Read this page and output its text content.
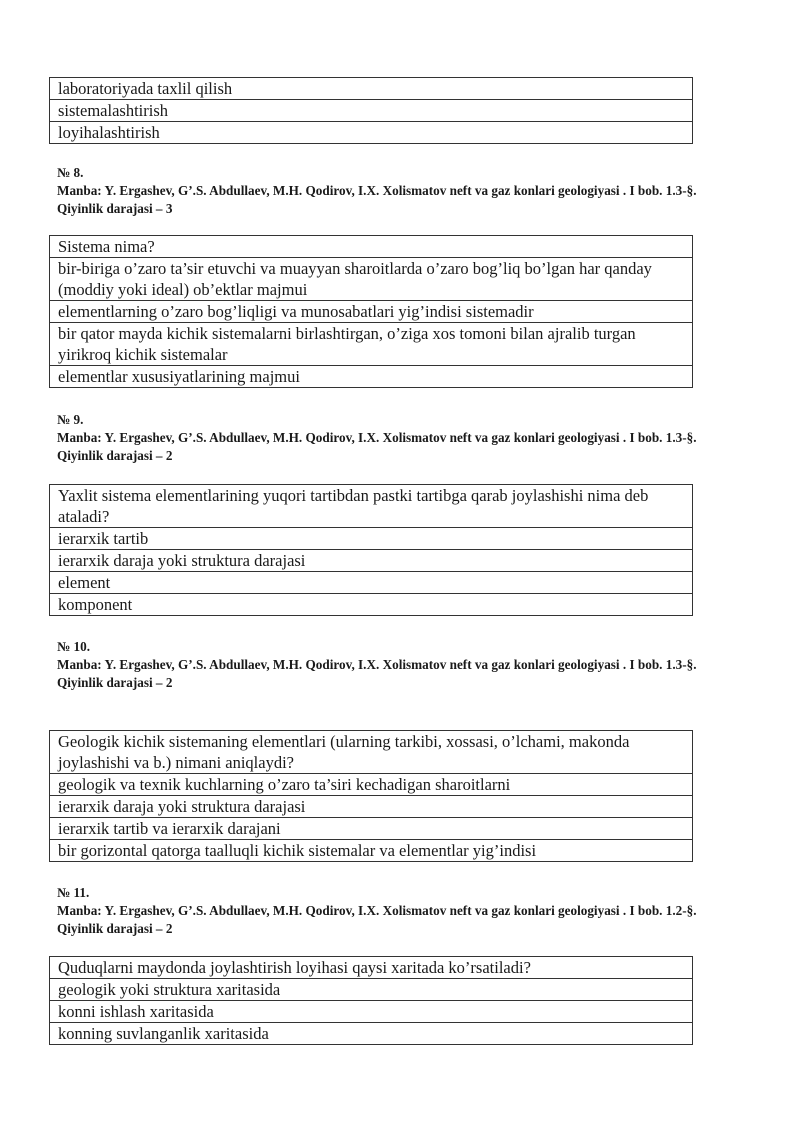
laboratoriyada taxlil qilish
sistemalashtirish
loyihalashtirish
№ 8.
Manba: Y. Ergashev, G’.S. Abdullaev, M.H. Qodirov, I.X. Xolismatov neft va gaz konlari geologiyasi . I bob. 1.3-§.
Qiyinlik darajasi – 3
Sistema nima?
bir-biriga o’zaro ta’sir etuvchi va muayyan sharoitlarda o’zaro bog’liq bo’lgan har qanday (moddiy yoki ideal) ob’ektlar majmui
elementlarning o’zaro bog’liqligi va munosabatlari yig’indisi sistemadir
bir qator mayda kichik sistemalarni birlashtirgan, o’ziga xos tomoni bilan ajralib turgan yirikroq kichik sistemalar
elementlar xususiyatlarining majmui
№ 9.
Manba: Y. Ergashev, G’.S. Abdullaev, M.H. Qodirov, I.X. Xolismatov neft va gaz konlari geologiyasi . I bob. 1.3-§.
Qiyinlik darajasi – 2
Yaxlit sistema elementlarining yuqori tartibdan pastki tartibga qarab joylashishi nima deb ataladi?
ierarxik tartib
ierarxik daraja yoki struktura darajasi
element
komponent
№ 10.
Manba: Y. Ergashev, G’.S. Abdullaev, M.H. Qodirov, I.X. Xolismatov neft va gaz konlari geologiyasi . I bob. 1.3-§.
Qiyinlik darajasi – 2
Geologik kichik sistemaning elementlari (ularning tarkibi, xossasi, o’lchami, makonda joylashishi va b.) nimani aniqlaydi?
geologik va texnik kuchlarning o’zaro ta’siri kechadigan sharoitlarni
ierarxik daraja yoki struktura darajasi
ierarxik tartib va ierarxik darajani
bir gorizontal qatorga taalluqli kichik sistemalar va elementlar yig’indisi
№ 11.
Manba: Y. Ergashev, G’.S. Abdullaev, M.H. Qodirov, I.X. Xolismatov neft va gaz konlari geologiyasi . I bob. 1.2-§.
Qiyinlik darajasi – 2
Quduqlarni maydonda joylashtirish loyihasi qaysi xaritada ko’rsatiladi?
geologik yoki struktura xaritasida
konni ishlash xaritasida
konning suvlanganlik xaritasida
